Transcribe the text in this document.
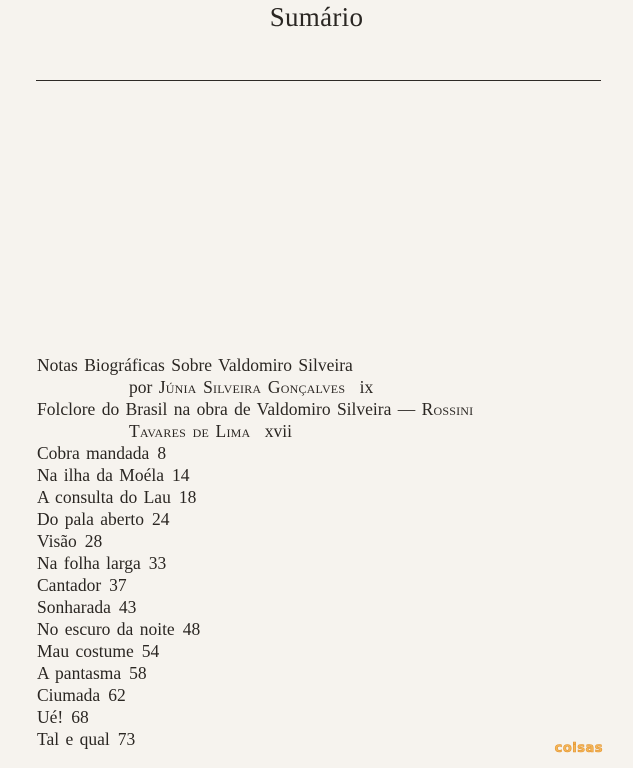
Sumário
Notas Biográficas Sobre Valdomiro Silveira
por Júnia Silveira Gonçalves ix
Folclore do Brasil na obra de Valdomiro Silveira — Rossini
Tavares de Lima xvii
Cobra mandada 8
Na ilha da Moéla 14
A consulta do Lau 18
Do pala aberto 24
Visão 28
Na folha larga 33
Cantador 37
Sonharada 43
No escuro da noite 48
Mau costume 54
A pantasma 58
Ciumada 62
Ué! 68
Tal e qual 73	coisas
